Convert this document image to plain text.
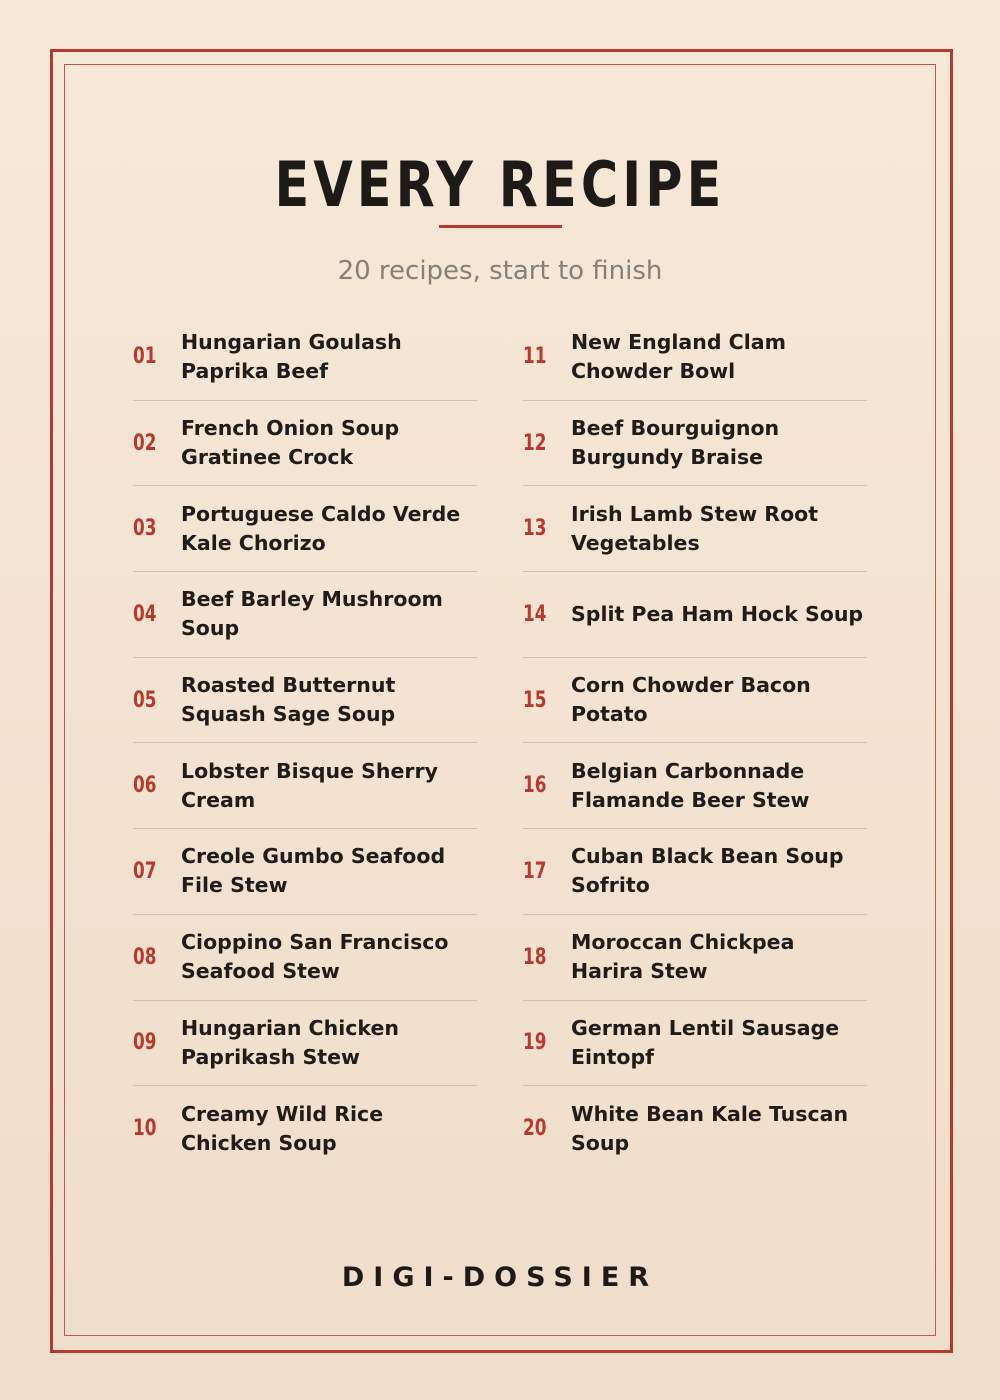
EVERY RECIPE
20 recipes, start to finish
01
Hungarian Goulash Paprika Beef
02
French Onion Soup Gratinee Crock
03
Portuguese Caldo Verde Kale Chorizo
04
Beef Barley Mushroom Soup
05
Roasted Butternut Squash Sage Soup
06
Lobster Bisque Sherry Cream
07
Creole Gumbo Seafood File Stew
08
Cioppino San Francisco Seafood Stew
09
Hungarian Chicken Paprikash Stew
10
Creamy Wild Rice Chicken Soup
11
New England Clam Chowder Bowl
12
Beef Bourguignon Burgundy Braise
13
Irish Lamb Stew Root Vegetables
14 Split Pea Ham Hock Soup
15
Corn Chowder Bacon Potato
16
Belgian Carbonnade Flamande Beer Stew
17
Cuban Black Bean Soup Sofrito
18
Moroccan Chickpea Harira Stew
19
German Lentil Sausage Eintopf
20
White Bean Kale Tuscan Soup
DIGI-DOSSIER
